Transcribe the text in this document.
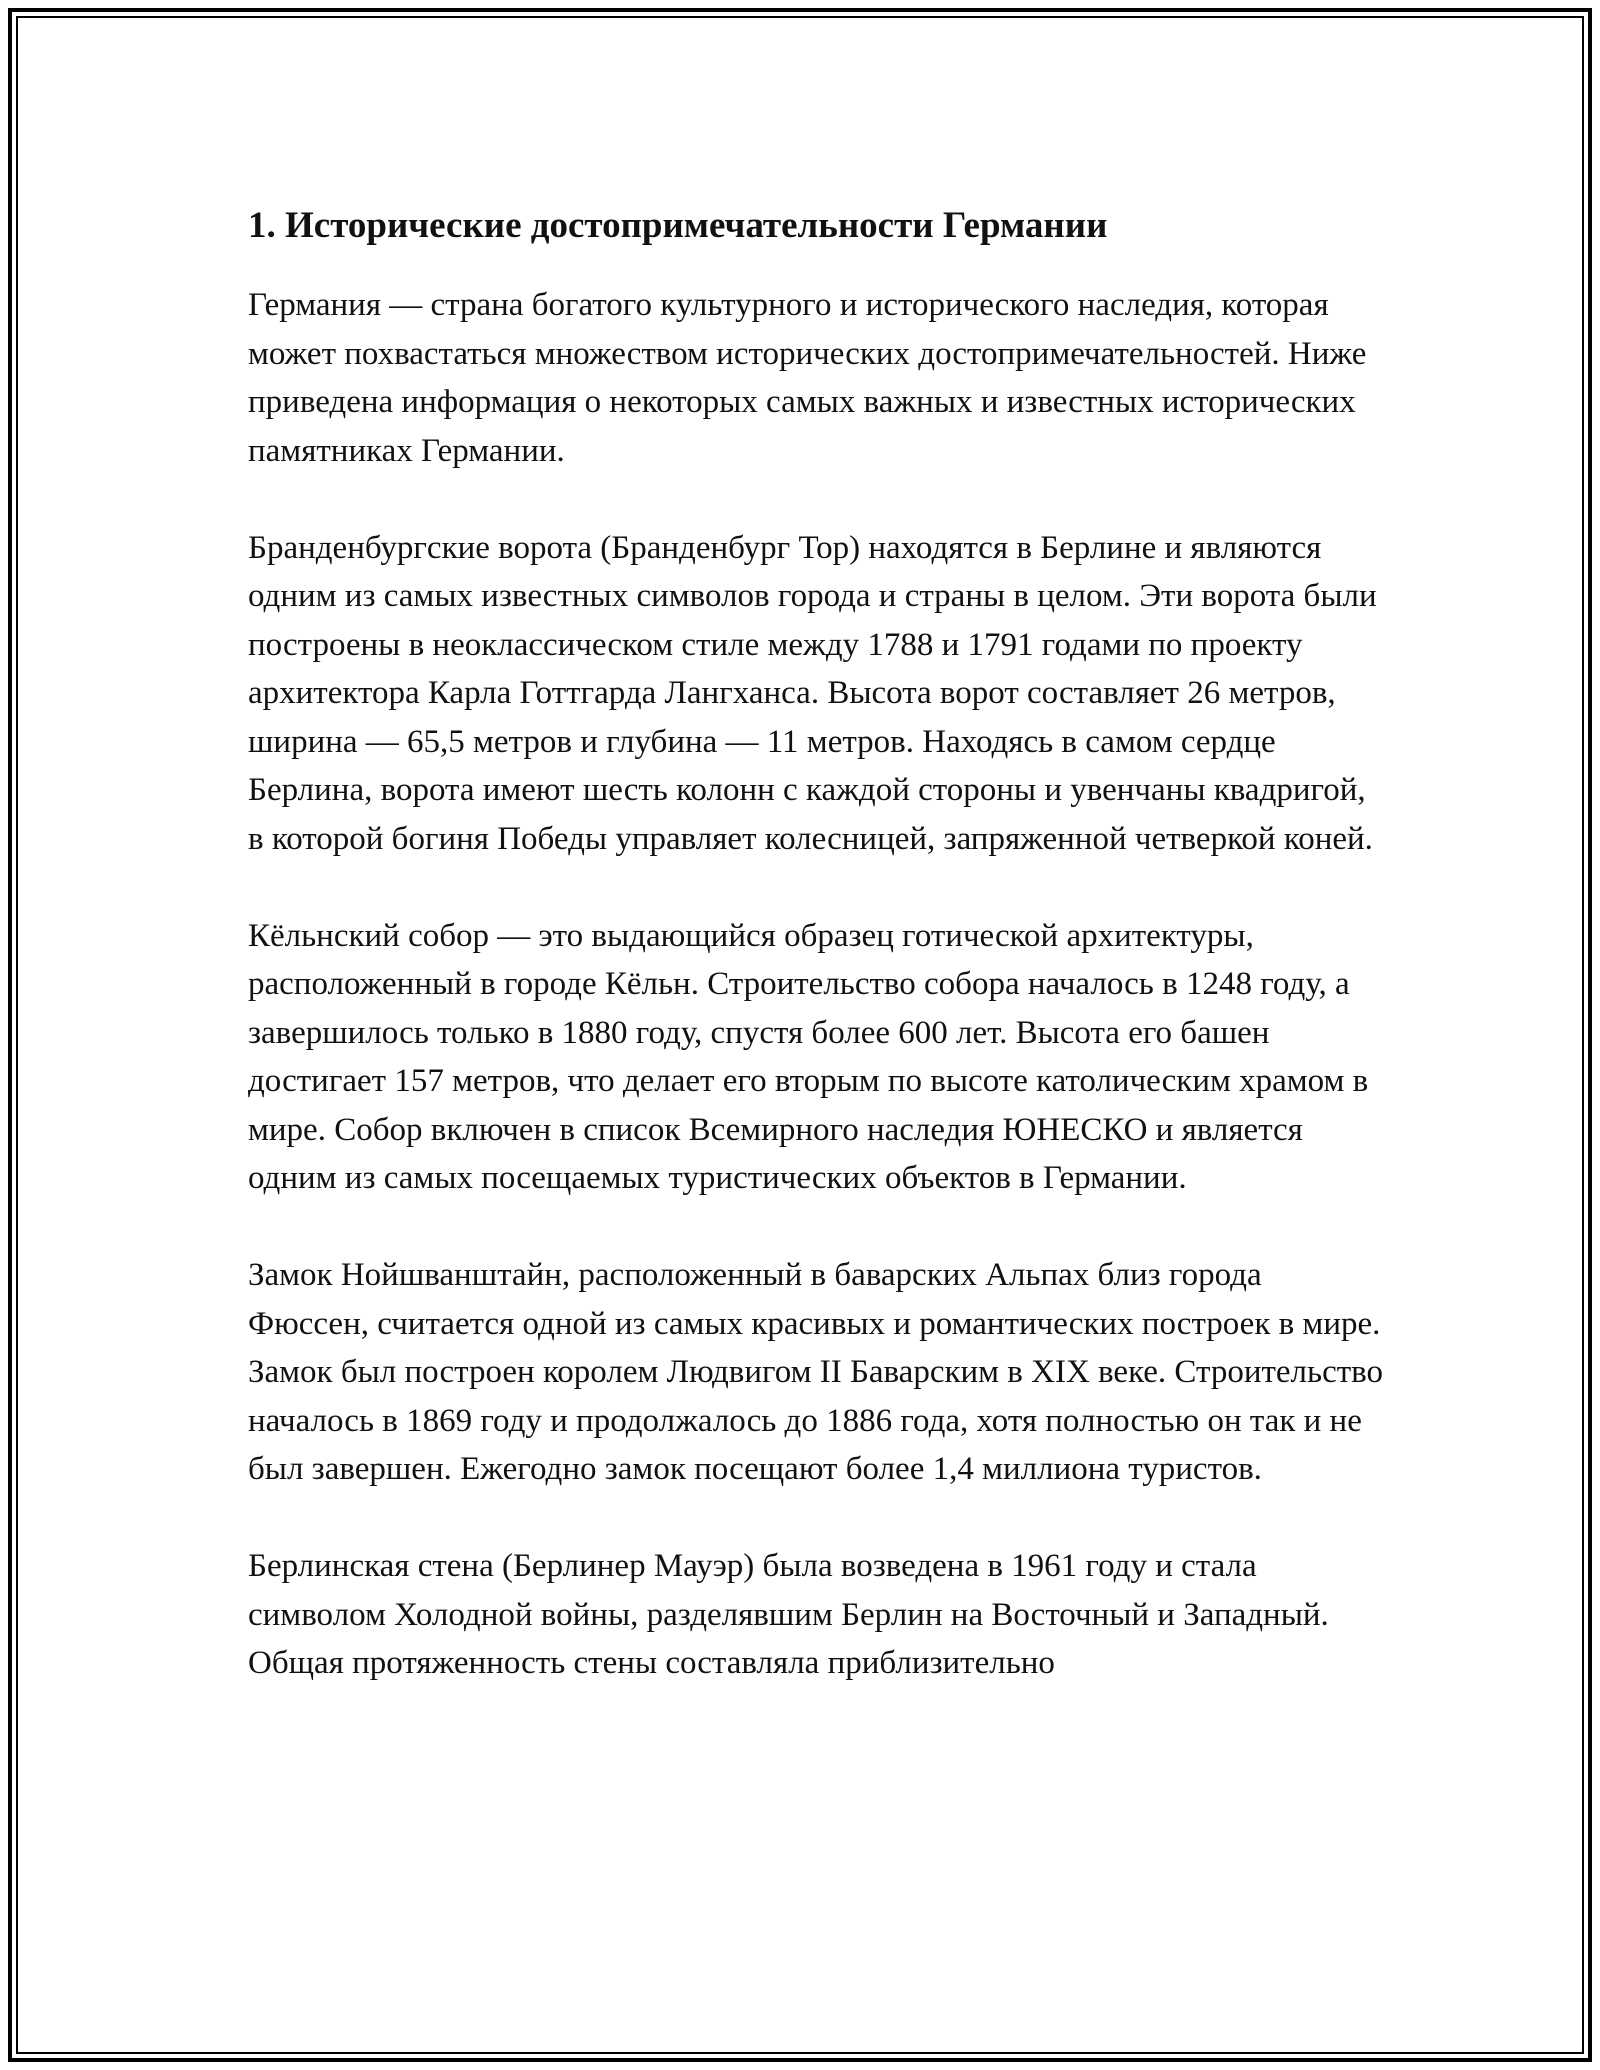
1. Исторические достопримечательности Германии

Германия — страна богатого культурного и исторического наследия, которая может похвастаться множеством исторических достопримечательностей. Ниже приведена информация о некоторых самых важных и известных исторических памятниках Германии.

Бранденбургские ворота (Бранденбург Тор) находятся в Берлине и являются одним из самых известных символов города и страны в целом. Эти ворота были построены в неоклассическом стиле между 1788 и 1791 годами по проекту архитектора Карла Готтгарда Лангханса. Высота ворот составляет 26 метров, ширина — 65,5 метров и глубина — 11 метров. Находясь в самом сердце Берлина, ворота имеют шесть колонн с каждой стороны и увенчаны квадригой, в которой богиня Победы управляет колесницей, запряженной четверкой коней.

Кёльнский собор — это выдающийся образец готической архитектуры, расположенный в городе Кёльн. Строительство собора началось в 1248 году, а завершилось только в 1880 году, спустя более 600 лет. Высота его башен достигает 157 метров, что делает его вторым по высоте католическим храмом в мире. Собор включен в список Всемирного наследия ЮНЕСКО и является одним из самых посещаемых туристических объектов в Германии.

Замок Нойшванштайн, расположенный в баварских Альпах близ города Фюссен, считается одной из самых красивых и романтических построек в мире. Замок был построен королем Людвигом II Баварским в XIX веке. Строительство началось в 1869 году и продолжалось до 1886 года, хотя полностью он так и не был завершен. Ежегодно замок посещают более 1,4 миллиона туристов.

Берлинская стена (Берлинер Мауэр) была возведена в 1961 году и стала символом Холодной войны, разделявшим Берлин на Восточный и Западный. Общая протяженность стены составляла приблизительно
